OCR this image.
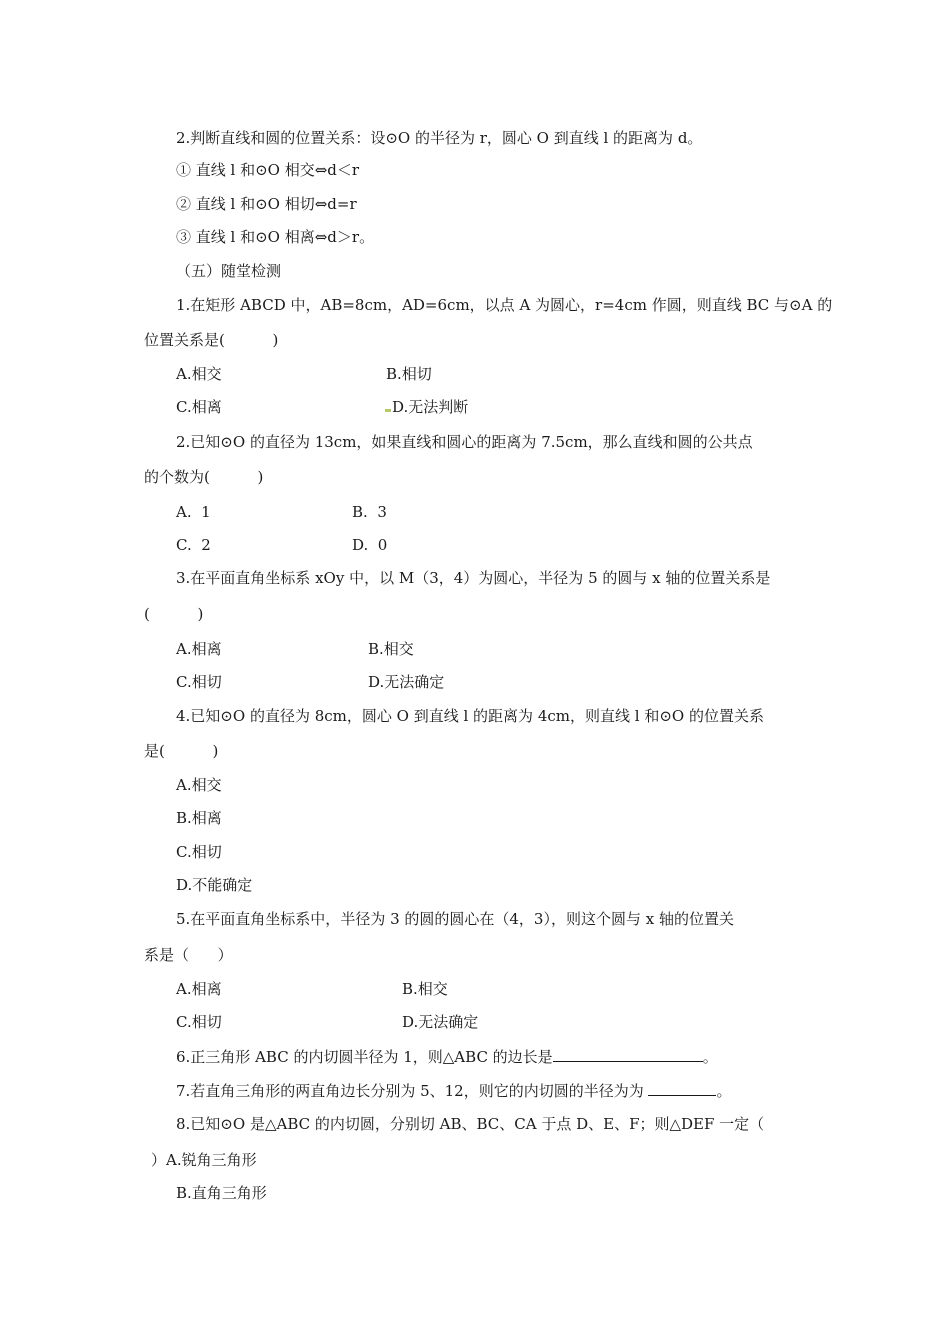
2.判断直线和圆的位置关系：设⊙O 的半径为 r，圆心 O 到直线 l 的距离为 d。
① 直线 l 和⊙O 相交⇔d＜r
② 直线 l 和⊙O 相切⇔d=r
③ 直线 l 和⊙O 相离⇔d＞r。
（五）随堂检测
1.在矩形 ABCD 中，AB=8cm，AD=6cm，以点 A 为圆心，r=4cm 作圆，则直线 BC 与⊙A 的
位置关系是(          )
A.相交	B.相切
C.相离	D.无法判断
2.已知⊙O 的直径为 13cm，如果直线和圆心的距离为 7.5cm，那么直线和圆的公共点
的个数为(          )
A.  1	B.  3
C.  2	D.  0
3.在平面直角坐标系 xOy 中，以 M（3，4）为圆心，半径为 5 的圆与 x 轴的位置关系是
(          )
A.相离	B.相交
C.相切	D.无法确定
4.已知⊙O 的直径为 8cm，圆心 O 到直线 l 的距离为 4cm，则直线 l 和⊙O 的位置关系
是(          )
A.相交
B.相离
C.相切
D.不能确定
5.在平面直角坐标系中，半径为 3 的圆的圆心在（4，3），则这个圆与 x 轴的位置关
系是（      ）
A.相离	B.相交
C.相切	D.无法确定
6.正三角形 ABC 的内切圆半径为 1，则△ABC 的边长是	。
7.若直角三角形的两直角边长分别为 5、12，则它的内切圆的半径为为	。
8.已知⊙O 是△ABC 的内切圆，分别切 AB、BC、CA 于点 D、E、F；则△DEF 一定（
）A.锐角三角形
B.直角三角形
